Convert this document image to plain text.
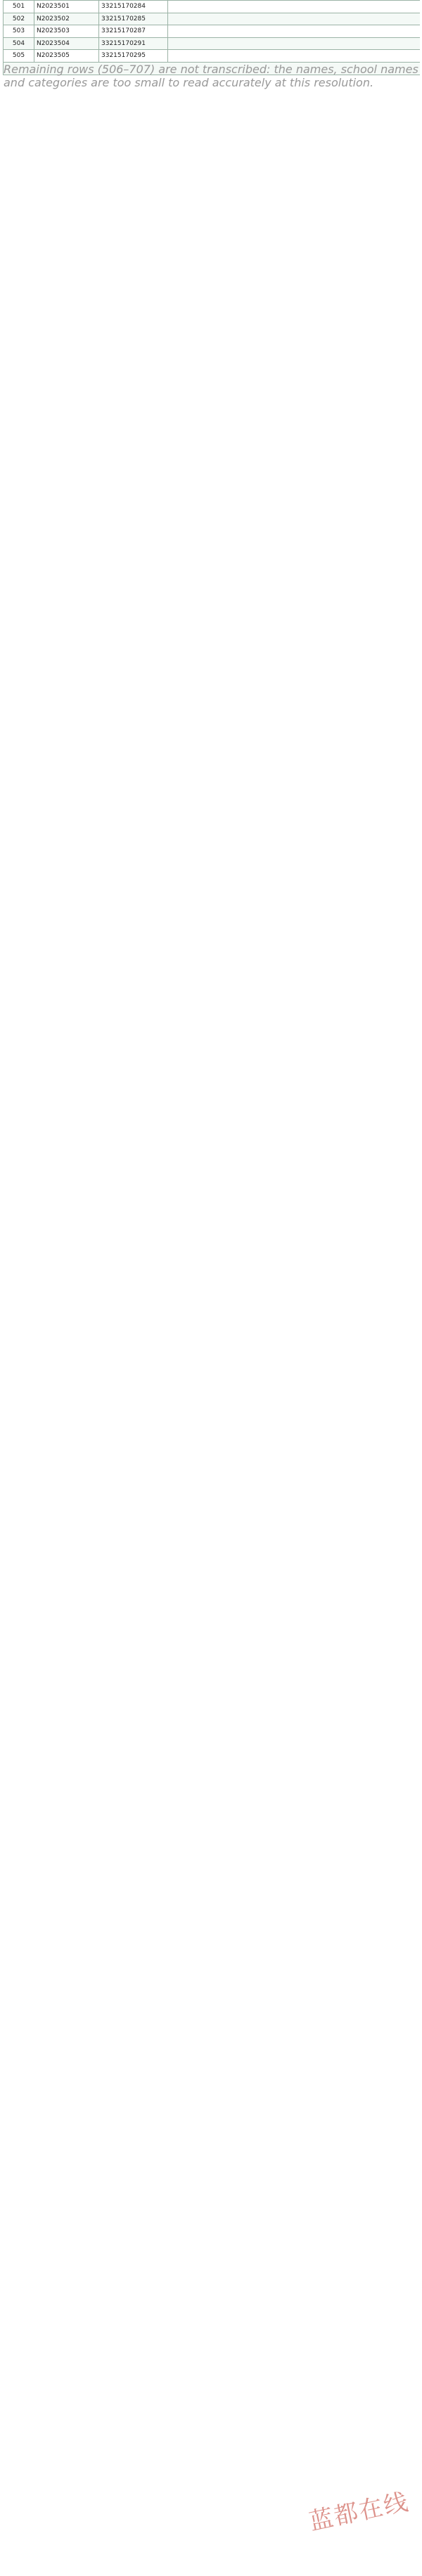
501	N2023501	33215170284
502	N2023502	33215170285
503	N2023503	33215170287
504	N2023504	33215170291
505	N2023505	33215170295
Remaining rows (506–707) are not transcribed: the names, school names and categories are too small to read accurately at this resolution.
蓝都在线
